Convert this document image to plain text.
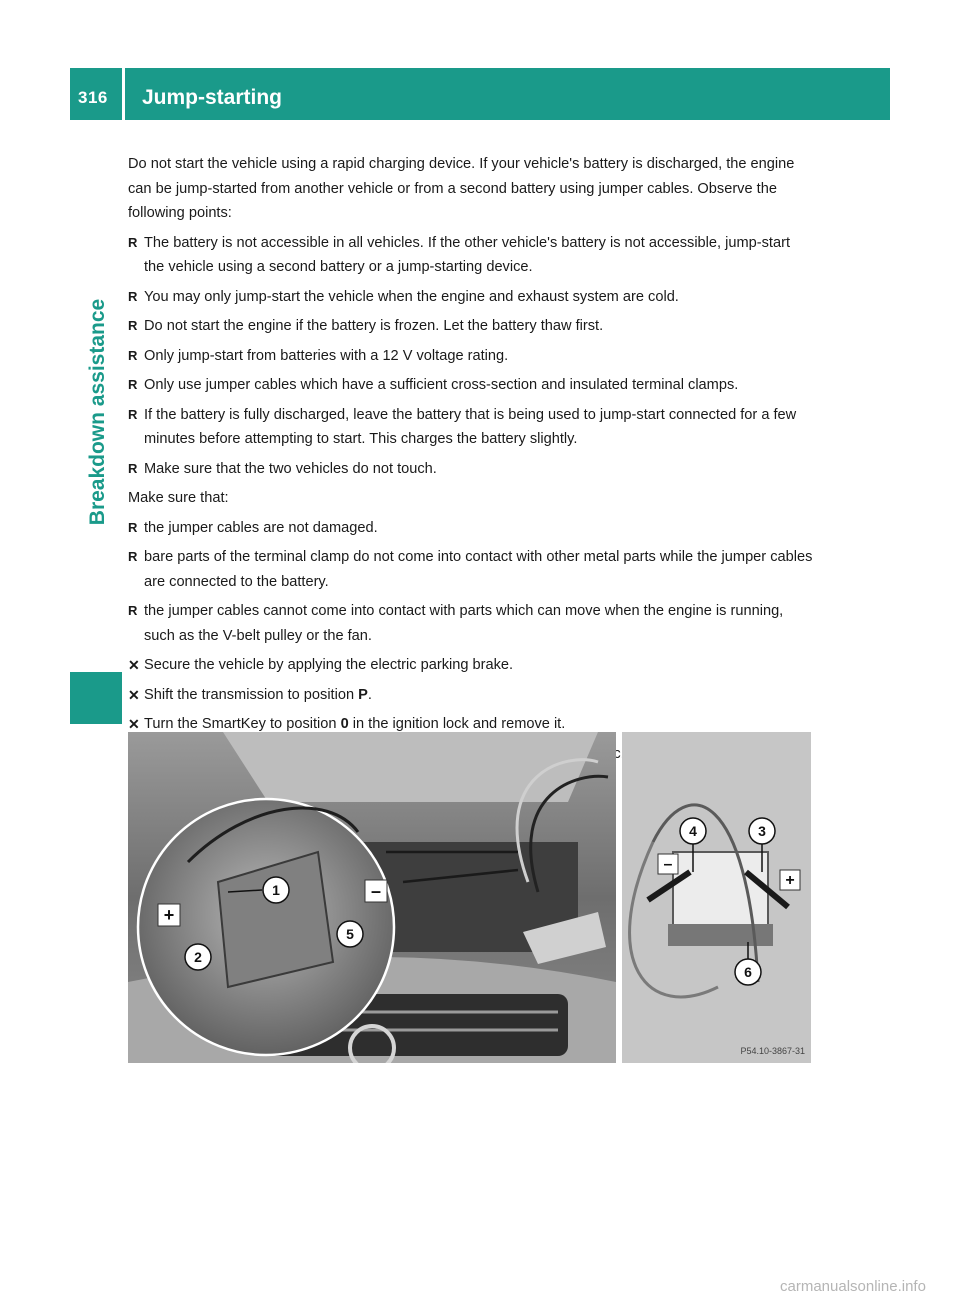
316 Jump-starting
Breakdown assistance

Do not start the vehicle using a rapid charging device. If your vehicle's battery is discharged, the engine can be jump-started from another vehicle or from a second battery using jumper cables. Observe the following points:

R The battery is not accessible in all vehicles. If the other vehicle's battery is not accessible, jump-start the vehicle using a second battery or a jump-starting device.
R You may only jump-start the vehicle when the engine and exhaust system are cold.
R Do not start the engine if the battery is frozen. Let the battery thaw first.
R Only jump-start from batteries with a 12 V voltage rating.
R Only use jumper cables which have a sufficient cross-section and insulated terminal clamps.
R If the battery is fully discharged, leave the battery that is being used to jump-start connected for a few minutes before attempting to start. This charges the battery slightly.
R Make sure that the two vehicles do not touch.

Make sure that:

R the jumper cables are not damaged.
R bare parts of the terminal clamp do not come into contact with other metal parts while the jumper cables are connected to the battery.
R the jumper cables cannot come into contact with parts which can move when the engine is running, such as the V-belt pulley or the fan.
✕ Secure the vehicle by applying the electric parking brake.
✕ Shift the transmission to position P.
✕ Turn the SmartKey to position 0 in the ignition lock and remove it.
1
2
5
4	3
6
+
–
–
+
P54.10-3867-31
carmanualsonline.info
